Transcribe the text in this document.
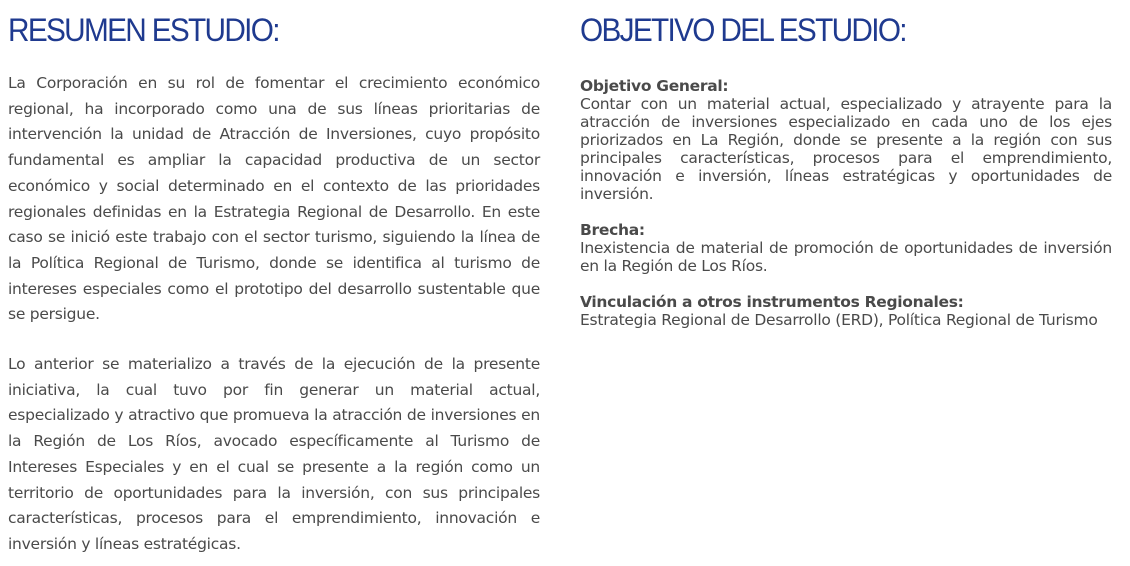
RESUMEN ESTUDIO:

La Corporación en su rol de fomentar el crecimiento económico regional, ha incorporado como una de sus líneas prioritarias de intervención la unidad de Atracción de Inversiones, cuyo propósito fundamental es ampliar la capacidad productiva de un sector económico y social determinado en el contexto de las prioridades regionales definidas en la Estrategia Regional de Desarrollo. En este caso se inició este trabajo con el sector turismo, siguiendo la línea de la Política Regional de Turismo, donde se identifica al turismo de intereses especiales como el prototipo del desarrollo sustentable que se persigue.

Lo anterior se materializo a través de la ejecución de la presente iniciativa, la cual tuvo por fin generar un material actual, especializado y atractivo que promueva la atracción de inversiones en la Región de Los Ríos, avocado específicamente al Turismo de Intereses Especiales y en el cual se presente a la región como un territorio de oportunidades para la inversión, con sus principales características, procesos para el emprendimiento, innovación e inversión y líneas estratégicas.

OBJETIVO DEL ESTUDIO:

Objetivo General:

Contar con un material actual, especializado y atrayente para la atracción de inversiones especializado en cada uno de los ejes priorizados en La Región, donde se presente a la región con sus principales características, procesos para el emprendimiento, innovación e inversión, líneas estratégicas y oportunidades de inversión.

Brecha:

Inexistencia de material de promoción de oportunidades de inversión en la Región de Los Ríos.

Vinculación a otros instrumentos Regionales:

Estrategia Regional de Desarrollo (ERD), Política Regional de Turismo
